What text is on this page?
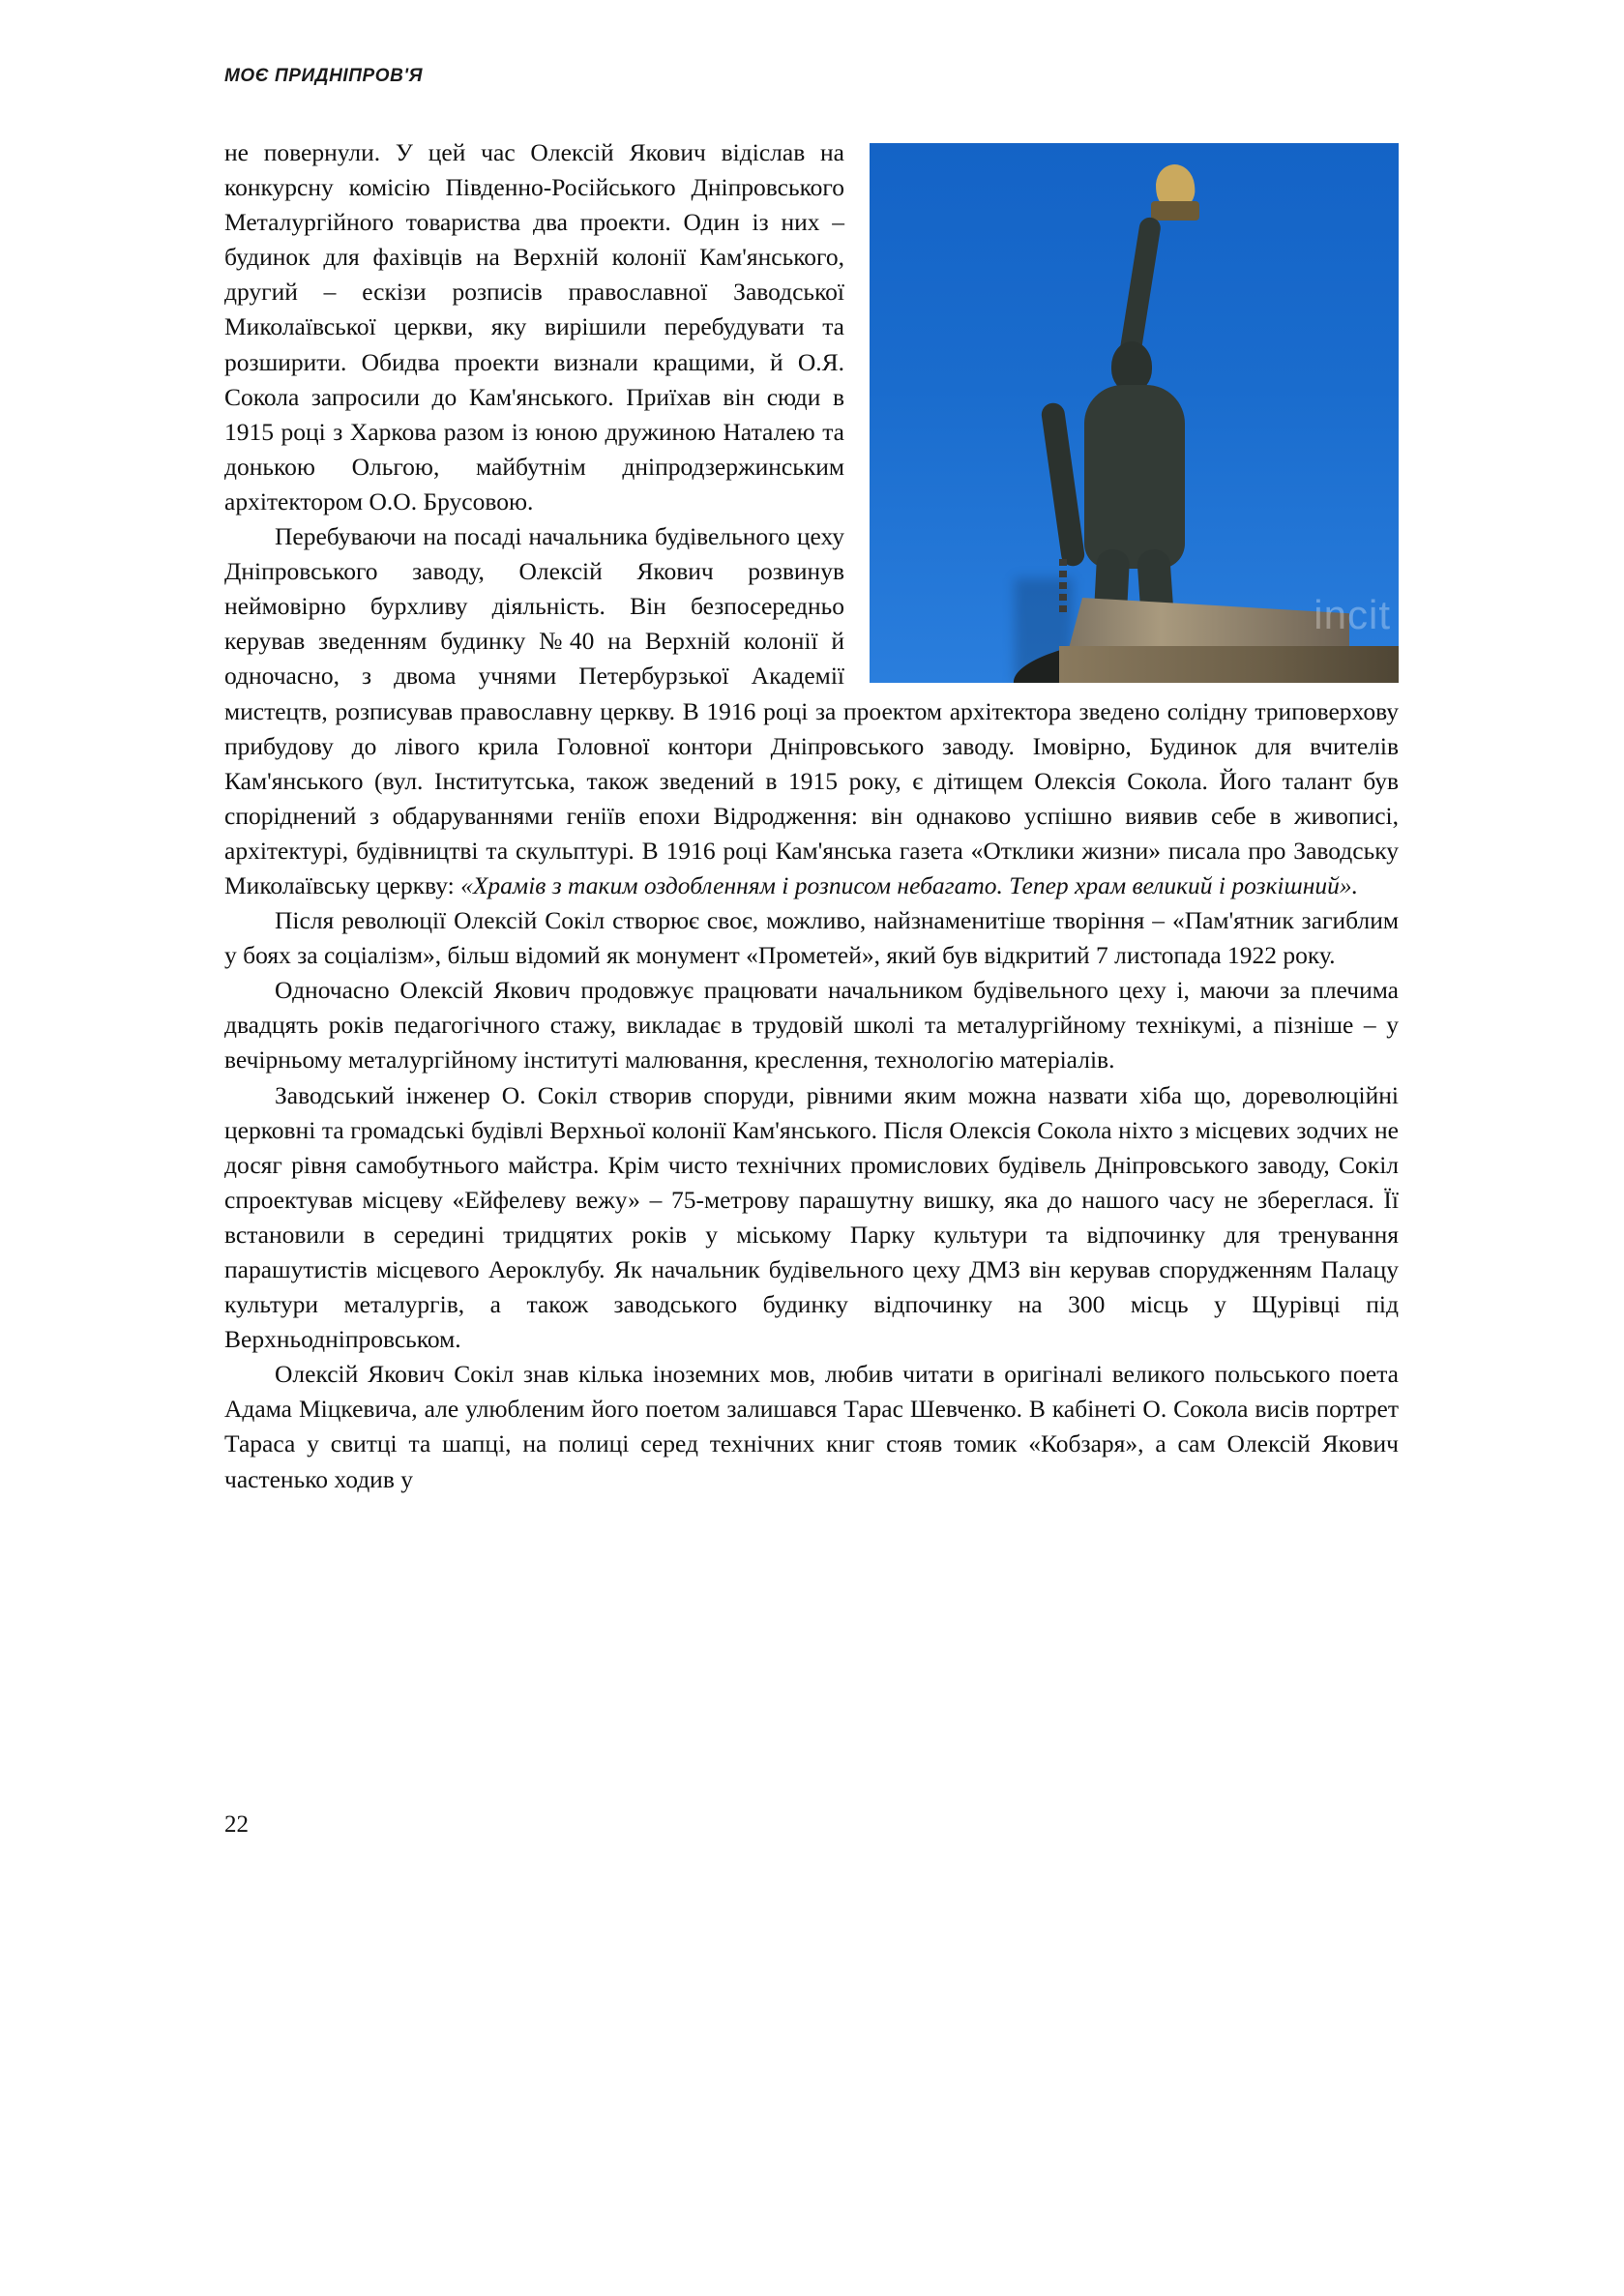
МОЄ ПРИДНІПРОВ'Я
incit

не повернули. У цей час Олексій Якович відіслав на конкурсну комісію Південно-Російського Дніпровського Металургійного товариства два проекти. Один із них – будинок для фахівців на Верхній колонії Кам'янського, другий – ескізи розписів православної Заводської Миколаївської церкви, яку вирішили перебудувати та розширити. Обидва проекти визнали кращими, й О.Я. Сокола запросили до Кам'янського. Приїхав він сюди в 1915 році з Харкова разом із юною дружиною Наталею та донькою Ольгою, майбутнім дніпродзержинським архітектором О.О. Брусовою.

Перебуваючи на посаді начальника будівельного цеху Дніпровського заводу, Олексій Якович розвинув неймовірно бурхливу діяльність. Він безпосередньо керував зведенням будинку №40 на Верхній колонії й одночасно, з двома учнями Петербурзької Академії мистецтв, розписував православну церкву. В 1916 році за проектом архітектора зведено солідну триповерхову прибудову до лівого крила Головної контори Дніпровського заводу. Імовірно, Будинок для вчителів Кам'янського (вул. Інститутська, також зведений в 1915 року, є дітищем Олексія Сокола. Його талант був споріднений з обдаруваннями геніїв епохи Відродження: він однаково успішно виявив себе в живописі, архітектурі, будівництві та скульптурі. В 1916 році Кам'янська газета «Отклики жизни» писала про Заводську Миколаївську церкву: «Храмів з таким оздобленням і розписом небагато. Тепер храм великий і розкішний».

Після революції Олексій Сокіл створює своє, можливо, найзнаменитіше творіння – «Пам'ятник загиблим у боях за соціалізм», більш відомий як монумент «Прометей», який був відкритий 7 листопада 1922 року.

Одночасно Олексій Якович продовжує працювати начальником будівельного цеху і, маючи за плечима двадцять років педагогічного стажу, викладає в трудовій школі та металургійному технікумі, а пізніше – у вечірньому металургійному інституті малювання, креслення, технологію матеріалів.

Заводський інженер О. Сокіл створив споруди, рівними яким можна назвати хіба що, дореволюційні церковні та громадські будівлі Верхньої колонії Кам'янського. Після Олексія Сокола ніхто з місцевих зодчих не досяг рівня самобутнього майстра. Крім чисто технічних промислових будівель Дніпровського заводу, Сокіл спроектував місцеву «Ейфелеву вежу» – 75-метрову парашутну вишку, яка до нашого часу не збереглася. Її встановили в середині тридцятих років у міському Парку культури та відпочинку для тренування парашутистів місцевого Аероклубу. Як начальник будівельного цеху ДМЗ він керував спорудженням Палацу культури металургів, а також заводського будинку відпочинку на 300 місць у Щурівці під Верхньодніпровськом.

Олексій Якович Сокіл знав кілька іноземних мов, любив читати в оригіналі великого польського поета Адама Міцкевича, але улюбленим його поетом залишався Тарас Шевченко. В кабінеті О. Сокола висів портрет Тараса у свитці та шапці, на полиці серед технічних книг стояв томик «Кобзаря», а сам Олексій Якович частенько ходив у

22
